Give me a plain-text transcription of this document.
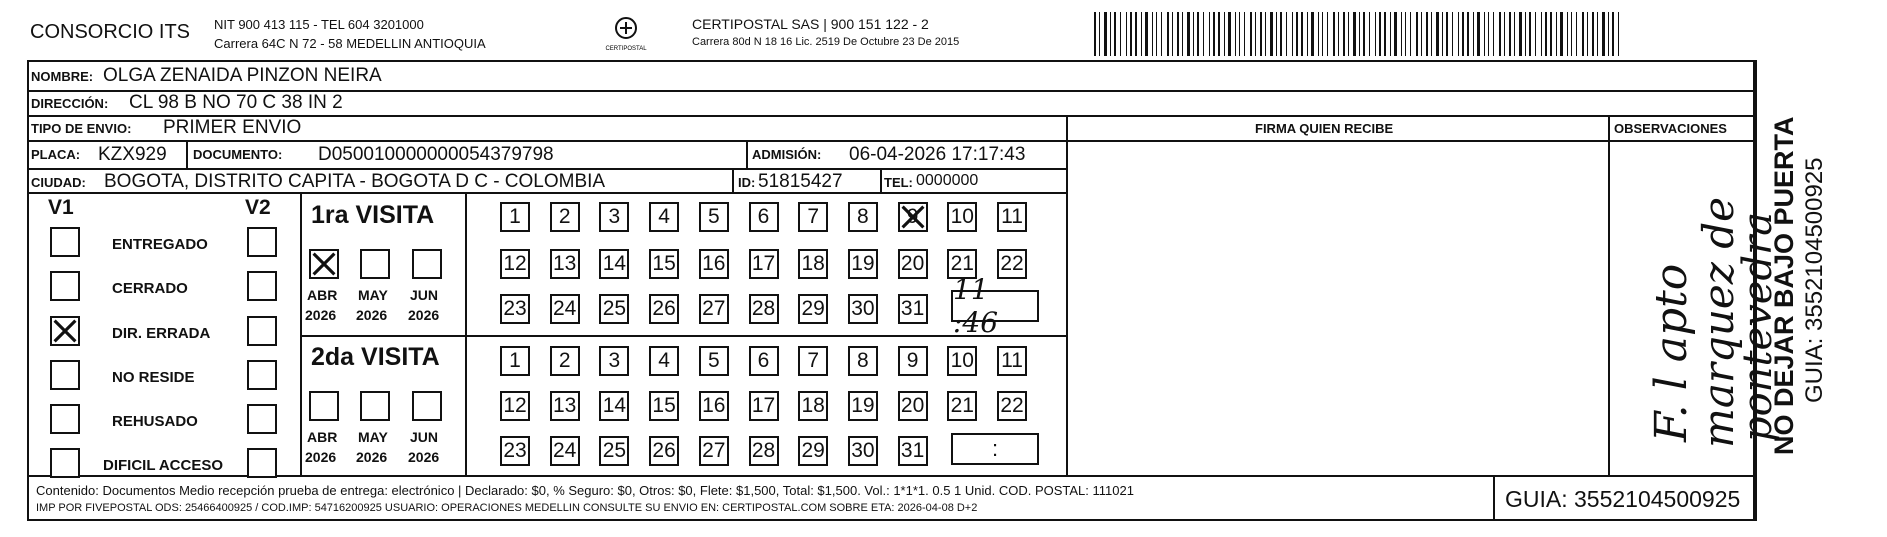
CONSORCIO ITS NIT 900 413 115 - TEL 604 3201000
Carrera 64C N 72 - 58 MEDELLIN ANTIOQUIA	CERTIPOSTAL
CERTIPOSTAL SAS | 900 151 122 - 2
Carrera 80d N 18 16 Lic. 2519 De Octubre 23 De 2015
NOMBRE: OLGA ZENAIDA PINZON NEIRA
DIRECCIÓN: CL 98 B NO 70 C 38 IN 2
TIPO DE ENVIO: PRIMER ENVIO	FIRMA QUIEN RECIBE	OBSERVACIONES
PLACA: KZX929 DOCUMENTO: D050010000000054379798	ADMISIÓN: 06-04-2026 17:17:43
CIUDAD: BOGOTA, DISTRITO CAPITA - BOGOTA D C - COLOMBIA	ID: 51815427	TEL: 0000000
V1	V2
ENTREGADO
CERRADO
DIR. ERRADA
NO RESIDE
REHUSADO
DIFICIL ACCESO
1ra VISITA
2da VISITA
ABR
2026
MAY
2026
JUN
2026
ABR
2026
MAY
2026
JUN
2026
1 2 3 4 5 6 7 8 9 10 11
12 13 14 15 16 17 18 19 20 21 22
23 24 25 26 27 28 29 30 31
1 2 3 4 5 6 7 8 9 10 11
12 13 14 15 16 17 18 19 20 21 22
23 24 25 26 27 28 29 30 31
11 :46
:
F. l apto
marquez de
pontevedra
NO DEJAR BAJO PUERTA GUIA: 3552104500925
Contenido: Documentos Medio recepción prueba de entrega: electrónico | Declarado: $0, % Seguro: $0, Otros: $0, Flete: $1,500, Total: $1,500. Vol.: 1*1*1. 0.5 1 Unid. COD. POSTAL: 111021
IMP POR FIVEPOSTAL ODS: 25466400925 / COD.IMP: 54716200925 USUARIO: OPERACIONES MEDELLIN CONSULTE SU ENVIO EN: CERTIPOSTAL.COM SOBRE ETA: 2026-04-08 D+2	GUIA: 3552104500925
